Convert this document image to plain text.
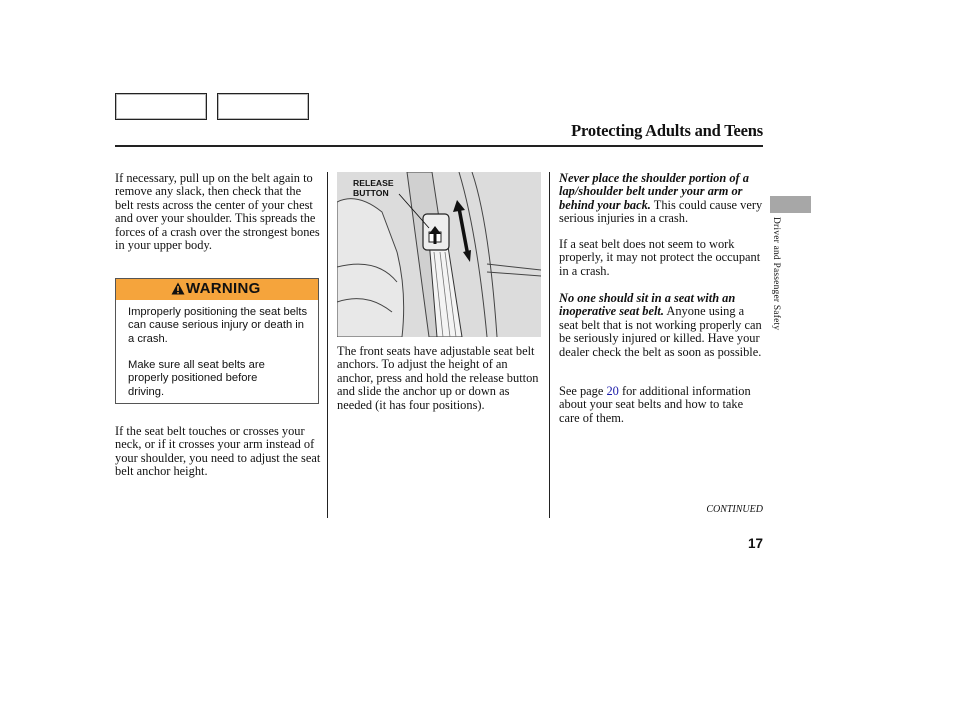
Protecting Adults and Teens

If necessary, pull up on the belt again to remove any slack, then check that the belt rests across the center of your chest and over your shoulder. This spreads the forces of a crash over the strongest bones in your upper body.

WARNING

Improperly positioning the seat belts can cause serious injury or death in a crash.

Make sure all seat belts are properly positioned before driving.

If the seat belt touches or crosses your neck, or if it crosses your arm instead of your shoulder, you need to adjust the seat belt anchor height.

RELEASE
BUTTON

The front seats have adjustable seat belt anchors. To adjust the height of an anchor, press and hold the release button and slide the anchor up or down as needed (it has four positions).

Never place the shoulder portion of a lap/shoulder belt under your arm or behind your back. This could cause very serious injuries in a crash.

If a seat belt does not seem to work properly, it may not protect the occupant in a crash.

No one should sit in a seat with an inoperative seat belt. Anyone using a seat belt that is not working properly can be seriously injured or killed. Have your dealer check the belt as soon as possible.

See page 20 for additional information about your seat belts and how to take care of them.

Driver and Passenger Safety
CONTINUED
17
